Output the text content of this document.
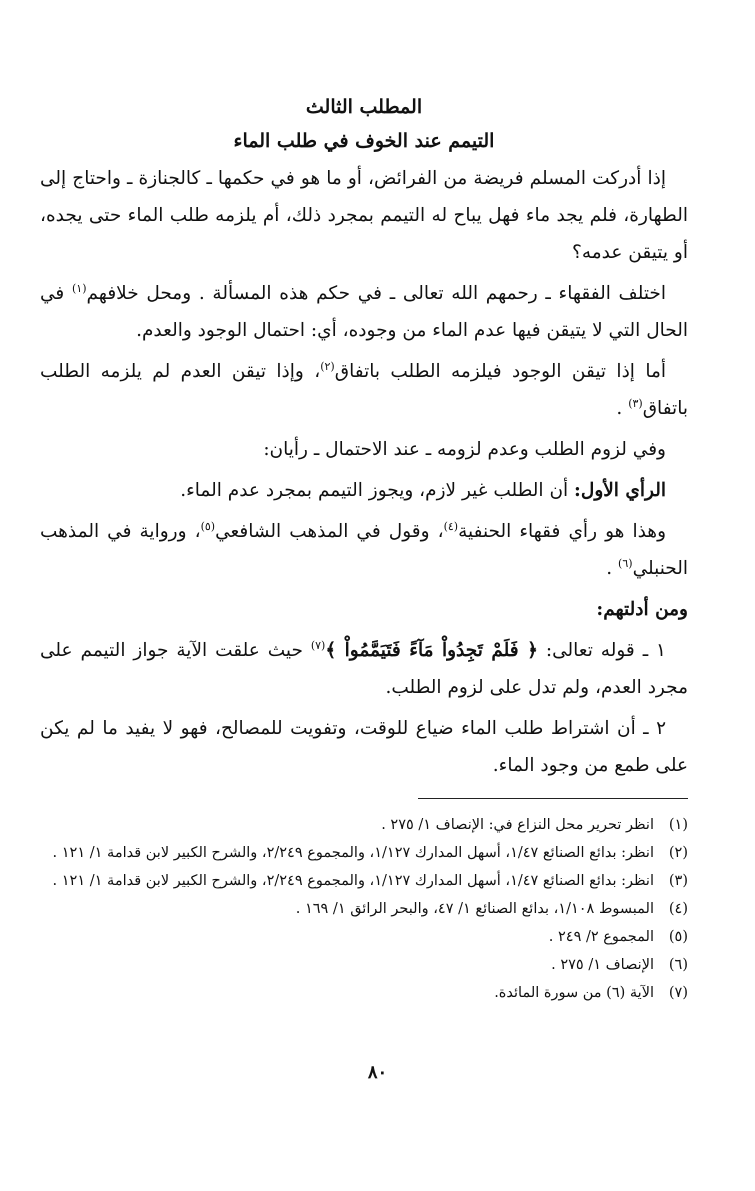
المطلب الثالث
التيمم عند الخوف في طلب الماء

إذا أدركت المسلم فريضة من الفرائض، أو ما هو في حكمها ـ كالجنازة ـ واحتاج إلى الطهارة، فلم يجد ماء فهل يباح له التيمم بمجرد ذلك، أم يلزمه طلب الماء حتى يجده، أو يتيقن عدمه؟

اختلف الفقهاء ـ رحمهم الله تعالى ـ في حكم هذه المسألة . ومحل خلافهم$^{(١)}$ في الحال التي لا يتيقن فيها عدم الماء من وجوده، أي: احتمال الوجود والعدم.

أما إذا تيقن الوجود فيلزمه الطلب باتفاق$^{(٢)}$، وإذا تيقن العدم لم يلزمه الطلب باتفاق$^{(٣)}$ .

وفي لزوم الطلب وعدم لزومه ـ عند الاحتمال ـ رأيان:

الرأي الأول: أن الطلب غير لازم، ويجوز التيمم بمجرد عدم الماء.

وهذا هو رأي فقهاء الحنفية$^{(٤)}$، وقول في المذهب الشافعي$^{(٥)}$، ورواية في المذهب الحنبلي$^{(٦)}$ .

ومن أدلتهم:

١ ـ قوله تعالى: ﴿ فَلَمْ تَجِدُواْ مَآءً فَتَيَمَّمُواْ ﴾$^{(٧)}$ حيث علقت الآية جواز التيمم على مجرد العدم، ولم تدل على لزوم الطلب.

٢ ـ أن اشتراط طلب الماء ضياع للوقت، وتفويت للمصالح، فهو لا يفيد ما لم يكن على طمع من وجود الماء.

(١)
انظر تحرير محل النزاع في: الإنصاف ١/ ٢٧٥ .
(٢)
انظر: بدائع الصنائع ١/٤٧، أسهل المدارك ١/١٢٧، والمجموع ٢/٢٤٩، والشرح الكبير لابن قدامة ١/ ١٢١ .
(٣)
انظر: بدائع الصنائع ١/٤٧، أسهل المدارك ١/١٢٧، والمجموع ٢/٢٤٩، والشرح الكبير لابن قدامة ١/ ١٢١ .
(٤)
المبسوط ١/١٠٨، بدائع الصنائع ١/ ٤٧، والبحر الرائق ١/ ١٦٩ .
(٥)
المجموع ٢/ ٢٤٩ .
(٦)
الإنصاف ١/ ٢٧٥ .
(٧)
الآية (٦) من سورة المائدة.
٨٠
